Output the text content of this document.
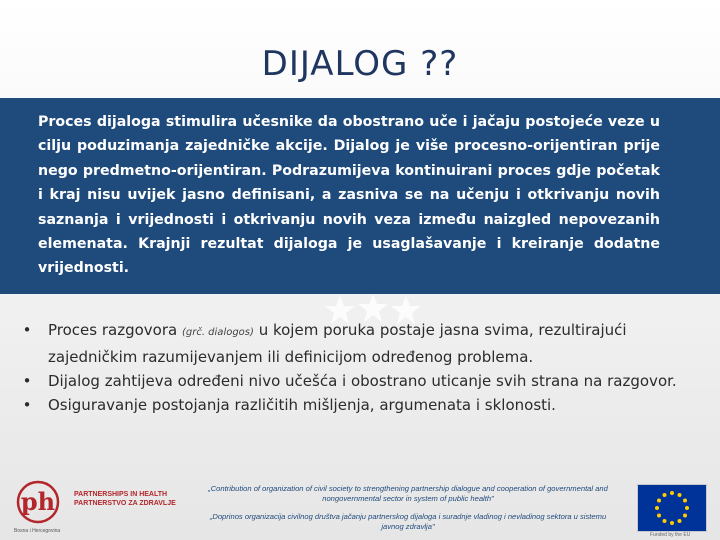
DIJALOG ??

Proces dijaloga stimulira učesnike da obostrano uče i jačaju postojeće veze u cilju poduzimanja zajedničke akcije. Dijalog je više procesno-orijentiran prije nego predmetno-orijentiran. Podrazumijeva kontinuirani proces gdje početak i kraj nisu uvijek jasno definisani, a zasniva se na učenju i otkrivanju novih saznanja i vrijednosti i otkrivanju novih veza između naizgled nepovezanih elemenata. Krajnji rezultat dijaloga je usaglašavanje i kreiranje dodatne vrijednosti.

• Proces razgovora (grč. dialogos) u kojem poruka postaje jasna svima, rezultirajući zajedničkim razumijevanjem ili definicijom određenog problema.
• Dijalog zahtijeva određeni nivo učešća i obostrano uticanje svih strana na razgovor.
• Osiguravanje postojanja različitih mišljenja, argumenata i sklonosti.
ph	PARTNERSHIPS IN HEALTH
PARTNERSTVO ZA ZDRAVLJE
Bosna i Hercegovina

„Contribution of organization of civil society to strengthening partnership dialogue and cooperation of governmental and nongovernmental sector in system of public health"

„Doprinos organizacija civilnog društva jačanju partnerskog dijaloga i suradnje vladinog i nevladinog sektora u sistemu javnog zdravlja"

Funded by the EU
